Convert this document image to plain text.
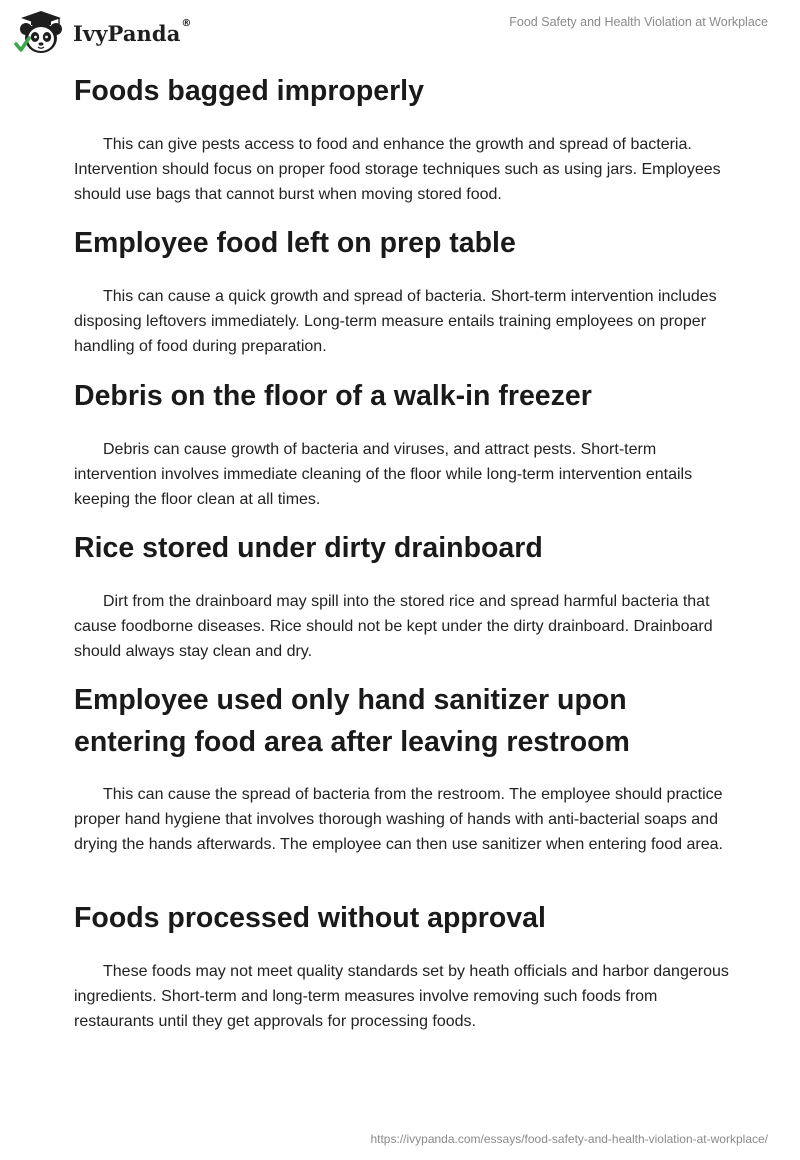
IvyPanda ®	Food Safety and Health Violation at Workplace
Foods bagged improperly

This can give pests access to food and enhance the growth and spread of bacteria. Intervention should focus on proper food storage techniques such as using jars. Employees should use bags that cannot burst when moving stored food.

Employee food left on prep table

This can cause a quick growth and spread of bacteria. Short-term intervention includes disposing leftovers immediately. Long-term measure entails training employees on proper handling of food during preparation.

Debris on the floor of a walk-in freezer

Debris can cause growth of bacteria and viruses, and attract pests. Short-term intervention involves immediate cleaning of the floor while long-term intervention entails keeping the floor clean at all times.

Rice stored under dirty drainboard

Dirt from the drainboard may spill into the stored rice and spread harmful bacteria that cause foodborne diseases. Rice should not be kept under the dirty drainboard. Drainboard should always stay clean and dry.

Employee used only hand sanitizer upon entering food area after leaving restroom

This can cause the spread of bacteria from the restroom. The employee should practice proper hand hygiene that involves thorough washing of hands with anti-bacterial soaps and drying the hands afterwards. The employee can then use sanitizer when entering food area.

Foods processed without approval

These foods may not meet quality standards set by heath officials and harbor dangerous ingredients. Short-term and long-term measures involve removing such foods from restaurants until they get approvals for processing foods.

https://ivypanda.com/essays/food-safety-and-health-violation-at-workplace/
